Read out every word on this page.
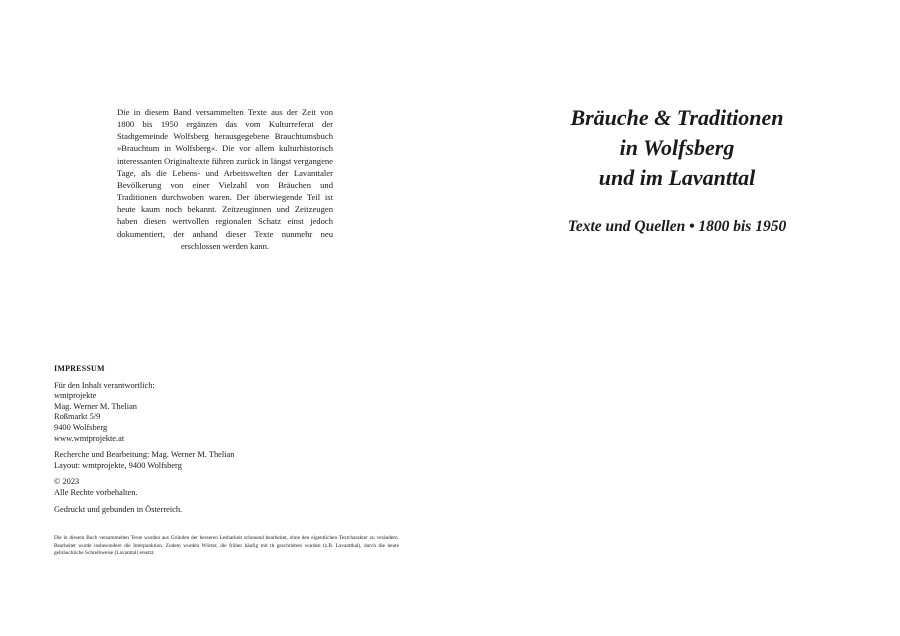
Die in diesem Band versammelten Texte aus der Zeit von 1800 bis 1950 ergänzen das vom Kulturreferat der Stadtgemeinde Wolfsberg herausgegebene Brauchtumsbuch »Brauchtum in Wolfsberg«. Die vor allem kulturhistorisch interessanten Originaltexte führen zurück in längst vergangene Tage, als die Lebens- und Arbeitswelten der Lavanttaler Bevölkerung von einer Vielzahl von Bräuchen und Traditionen durchwoben waren. Der überwiegende Teil ist heute kaum noch bekannt. Zeitzeuginnen und Zeitzeugen haben diesen wertvollen regionalen Schatz einst jedoch dokumentiert, der anhand dieser Texte nunmehr neu erschlossen werden kann.

IMPRESSUM
Für den Inhalt verantwortlich:
wmtprojekte
Mag. Werner M. Thelian
Roßmarkt 5/9
9400 Wolfsberg
www.wmtprojekte.at
Recherche und Bearbeitung: Mag. Werner M. Thelian
Layout: wmtprojekte, 9400 Wolfsberg
© 2023
Alle Rechte vorbehalten.
Gedruckt und gebunden in Österreich.

Die in diesem Buch versammelten Texte wurden aus Gründen der besseren Lesbarkeit schonend bearbeitet, ohne den eigentlichen Textcharakter zu verändern. Bearbeitet wurde insbesondere die Interpunktion. Zudem wurden Wörter, die früher häufig mit th geschrieben wurden (z.B. Lavantthal), durch die heute gebräuchliche Schreibweise (Lavanttal) ersetzt.

Bräuche & Traditionen
in Wolfsberg
und im Lavanttal
Texte und Quellen • 1800 bis 1950
